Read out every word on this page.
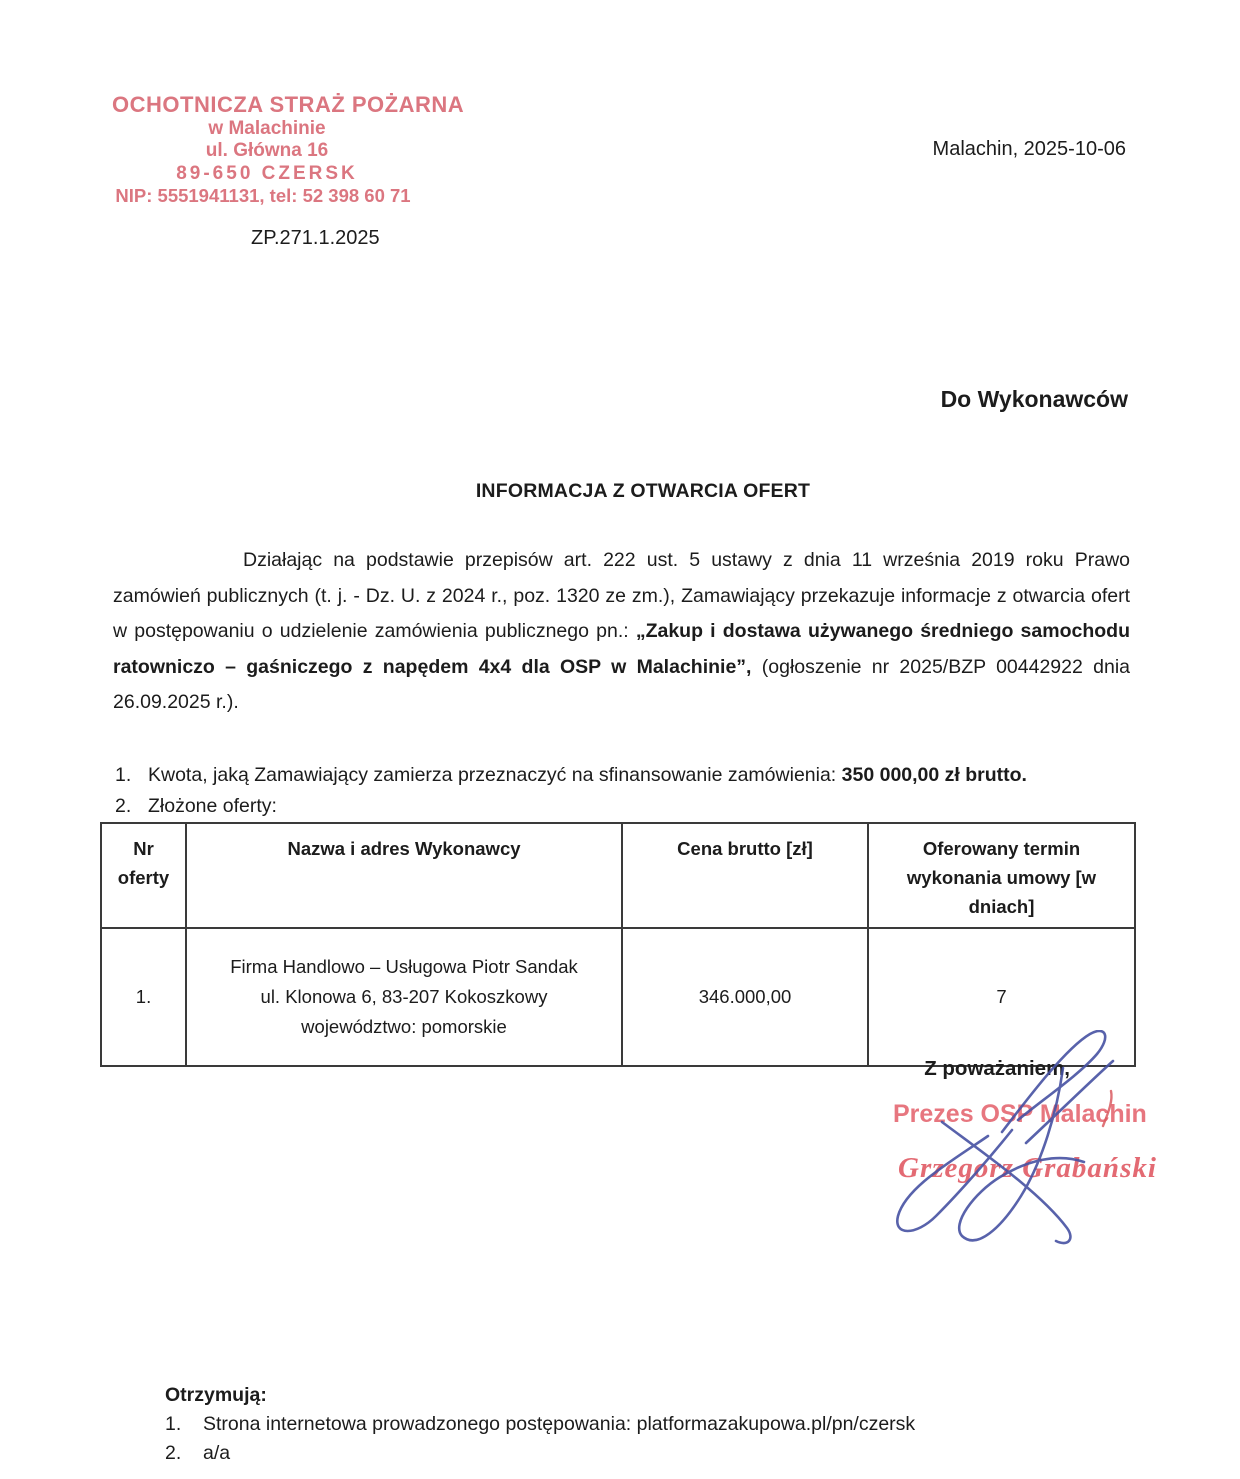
OCHOTNICZA STRAŻ POŻARNA
w Malachinie
ul. Główna 16
89-650 CZERSK
NIP: 5551941131, tel: 52 398 60 71
Malachin, 2025-10-06
ZP.271.1.2025
Do Wykonawców
INFORMACJA Z OTWARCIA OFERT
Działając na podstawie przepisów art. 222 ust. 5 ustawy z dnia 11 września 2019 roku Prawo zamówień publicznych (t. j. - Dz. U. z 2024 r., poz. 1320 ze zm.), Zamawiający przekazuje informacje z otwarcia ofert w postępowaniu o udzielenie zamówienia publicznego pn.: „Zakup i dostawa używanego średniego samochodu ratowniczo – gaśniczego z napędem 4x4 dla OSP w Malachinie”, (ogłoszenie nr 2025/BZP 00442922 dnia 26.09.2025 r.).
1. Kwota, jaką Zamawiający zamierza przeznaczyć na sfinansowanie zamówienia: 350 000,00 zł brutto.
2. Złożone oferty:
Nr oferty	Nazwa i adres Wykonawcy	Cena brutto [zł]	Oferowany termin wykonania umowy [w dniach]
1.	Firma Handlowo – Usługowa Piotr Sandak
ul. Klonowa 6, 83-207 Kokoszkowy
województwo: pomorskie	346.000,00	7
Z poważaniem,
Prezes OSP Malachin
Grzegorz Grabański
Otrzymują:
1.	Strona internetowa prowadzonego postępowania: platformazakupowa.pl/pn/czersk
2.	a/a
